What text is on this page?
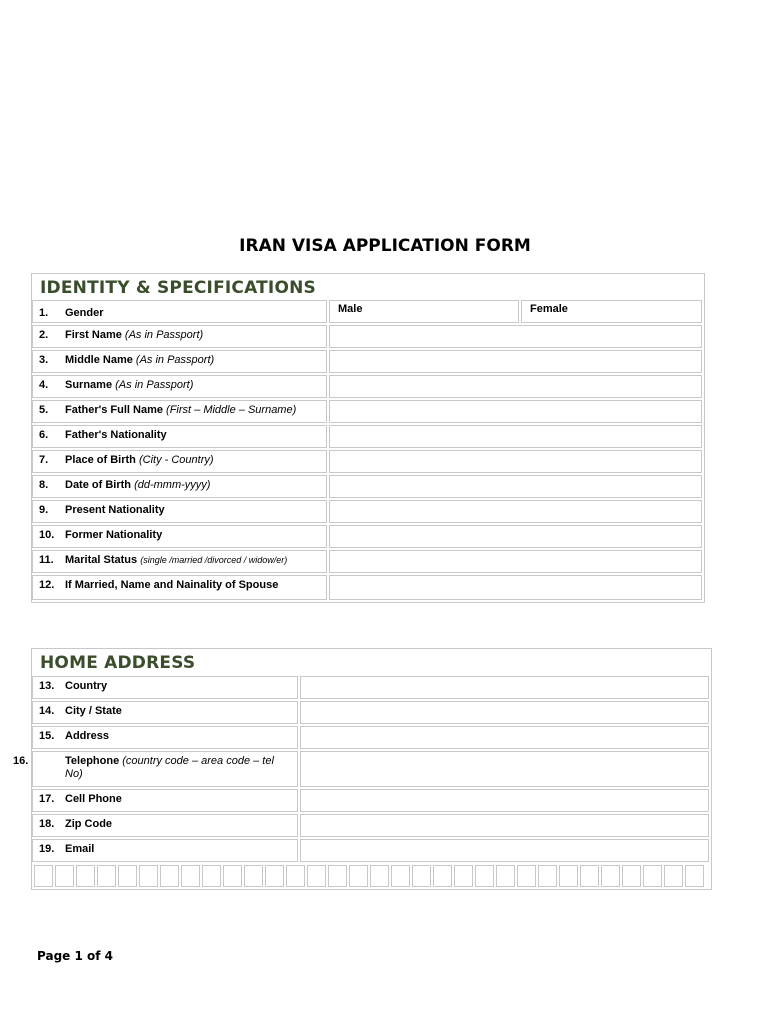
IRAN VISA APPLICATION FORM
IDENTITY & SPECIFICATIONS
1. Gender	Male	Female
2. First Name (As in Passport)
3. Middle Name (As in Passport)
4. Surname (As in Passport)
5. Father's Full Name (First – Middle – Surname)
6. Father's Nationality
7. Place of Birth (City - Country)
8. Date of Birth (dd-mmm-yyyy)
9. Present Nationality
10. Former Nationality
11. Marital Status (single /married /divorced / widow/er)
12. If Married, Name and Nainality of Spouse
HOME ADDRESS
13. Country
14. City / State
15. Address
16.	Telephone (country code – area code – tel No)
17. Cell Phone
18. Zip Code
19. Email
Page 1 of 4
